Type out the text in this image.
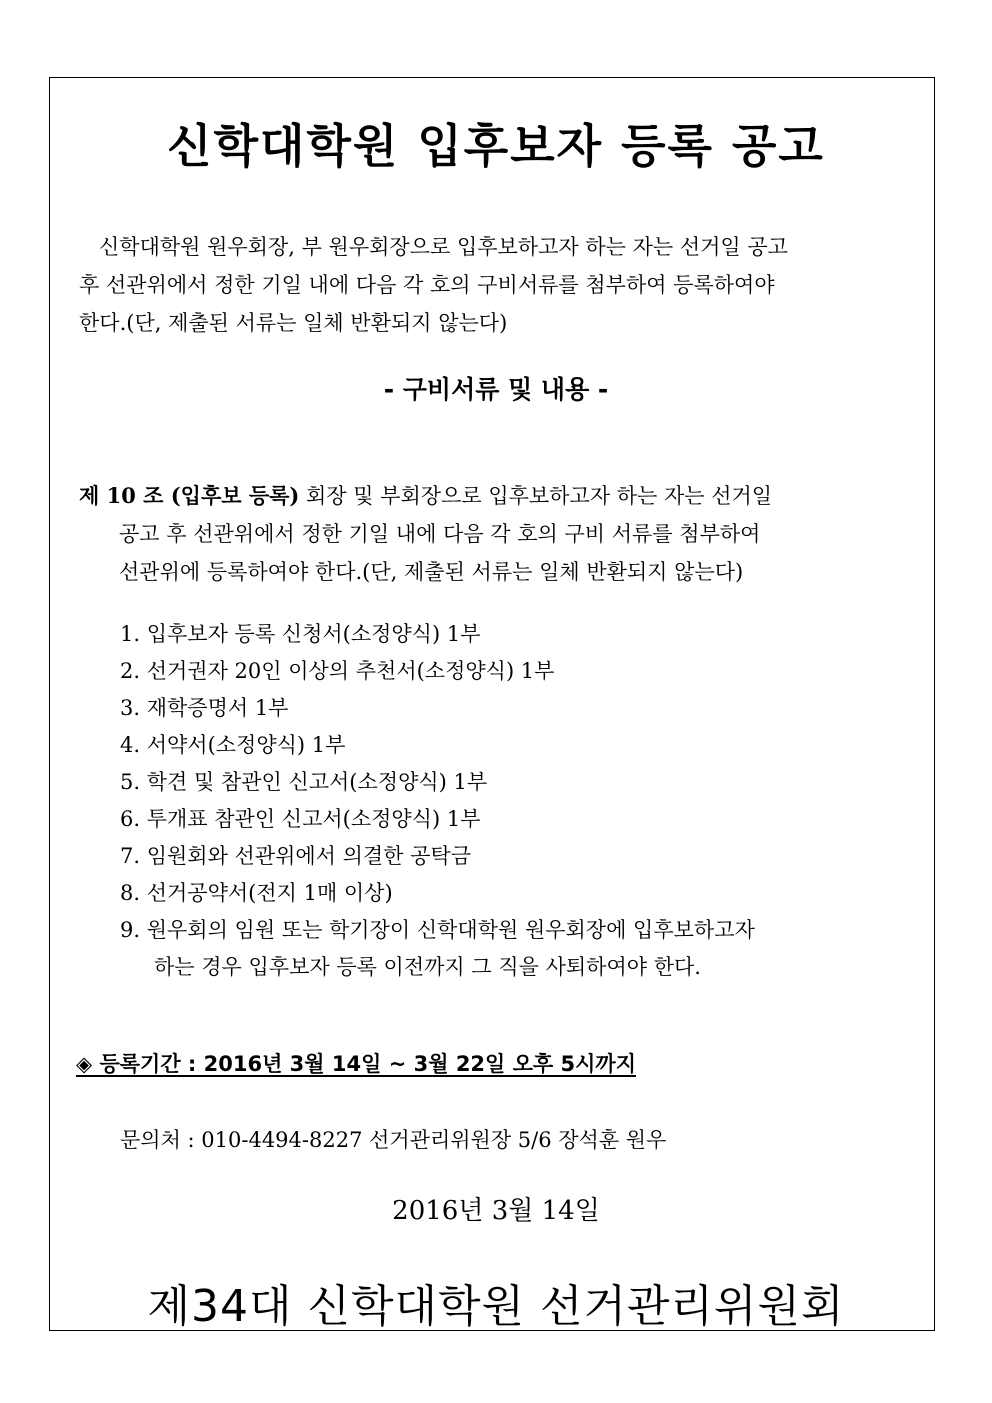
신학대학원 입후보자 등록 공고

신학대학원 원우회장, 부 원우회장으로 입후보하고자 하는 자는 선거일 공고
후 선관위에서 정한 기일 내에 다음 각 호의 구비서류를 첨부하여 등록하여야
한다.(단, 제출된 서류는 일체 반환되지 않는다)

- 구비서류 및 내용 -
제 10 조 (입후보 등록) 회장 및 부회장으로 입후보하고자 하는 자는 선거일
공고 후 선관위에서 정한 기일 내에 다음 각 호의 구비 서류를 첨부하여
선관위에 등록하여야 한다.(단, 제출된 서류는 일체 반환되지 않는다)
1. 입후보자 등록 신청서(소정양식) 1부
2. 선거권자 20인 이상의 추천서(소정양식) 1부
3. 재학증명서 1부
4. 서약서(소정양식) 1부
5. 학견 및 참관인 신고서(소정양식) 1부
6. 투개표 참관인 신고서(소정양식) 1부
7. 임원회와 선관위에서 의결한 공탁금
8. 선거공약서(전지 1매 이상)
9. 원우회의 임원 또는 학기장이 신학대학원 원우회장에 입후보하고자
하는 경우 입후보자 등록 이전까지 그 직을 사퇴하여야 한다.

◈ 등록기간 : 2016년 3월 14일 ~ 3월 22일 오후 5시까지

문의처 : 010-4494-8227 선거관리위원장 5/6 장석훈 원우

2016년 3월 14일

제34대 신학대학원 선거관리위원회
